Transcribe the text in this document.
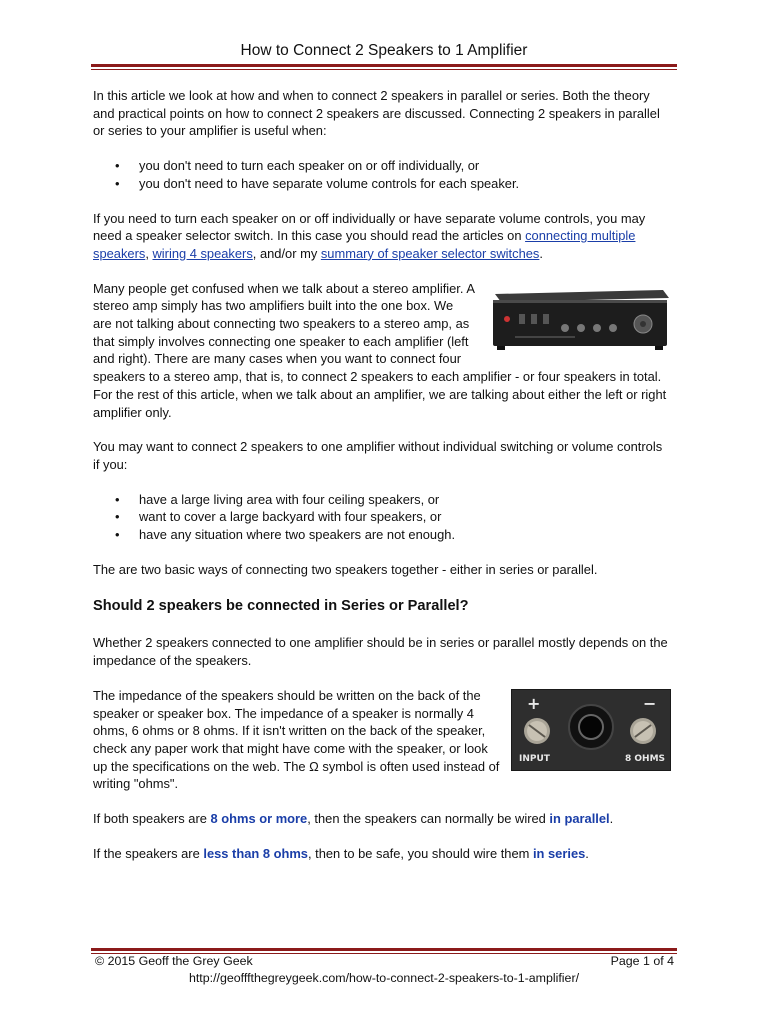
How to Connect 2 Speakers to 1 Amplifier

In this article we look at how and when to connect 2 speakers in parallel or series. Both the theory and practical points on how to connect 2 speakers are discussed. Connecting 2 speakers in parallel or series to your amplifier is useful when:

• you don't need to turn each speaker on or off individually, or
• you don't need to have separate volume controls for each speaker.

If you need to turn each speaker on or off individually or have separate volume controls, you may need a speaker selector switch. In this case you should read the articles on connecting multiple speakers, wiring 4 speakers, and/or my summary of speaker selector switches.

Many people get confused when we talk about a stereo amplifier. A stereo amp simply has two amplifiers built into the one box. We are not talking about connecting two speakers to a stereo amp, as that simply involves connecting one speaker to each amplifier (left and right). There are many cases when you want to connect four speakers to a stereo amp, that is, to connect 2 speakers to each amplifier - or four speakers in total. For the rest of this article, when we talk about an amplifier, we are talking about either the left or right amplifier only.

You may want to connect 2 speakers to one amplifier without individual switching or volume controls if you:

• have a large living area with four ceiling speakers, or
• want to cover a large backyard with four speakers, or
• have any situation where two speakers are not enough.

The are two basic ways of connecting two speakers together - either in series or parallel.

Should 2 speakers be connected in Series or Parallel?

Whether 2 speakers connected to one amplifier should be in series or parallel mostly depends on the impedance of the speakers.

+	−
INPUT	8 OHMS
The impedance of the speakers should be written on the back of the speaker or speaker box. The impedance of a speaker is normally 4 ohms, 6 ohms or 8 ohms. If it isn't written on the back of the speaker, check any paper work that might have come with the speaker, or look up the specifications on the web. The Ω symbol is often used instead of writing "ohms".

If both speakers are 8 ohms or more, then the speakers can normally be wired in parallel.

If the speakers are less than 8 ohms, then to be safe, you should wire them in series.

© 2015 Geoff the Grey Geek	Page 1 of 4
http://geofffthegreygeek.com/how-to-connect-2-speakers-to-1-amplifier/
